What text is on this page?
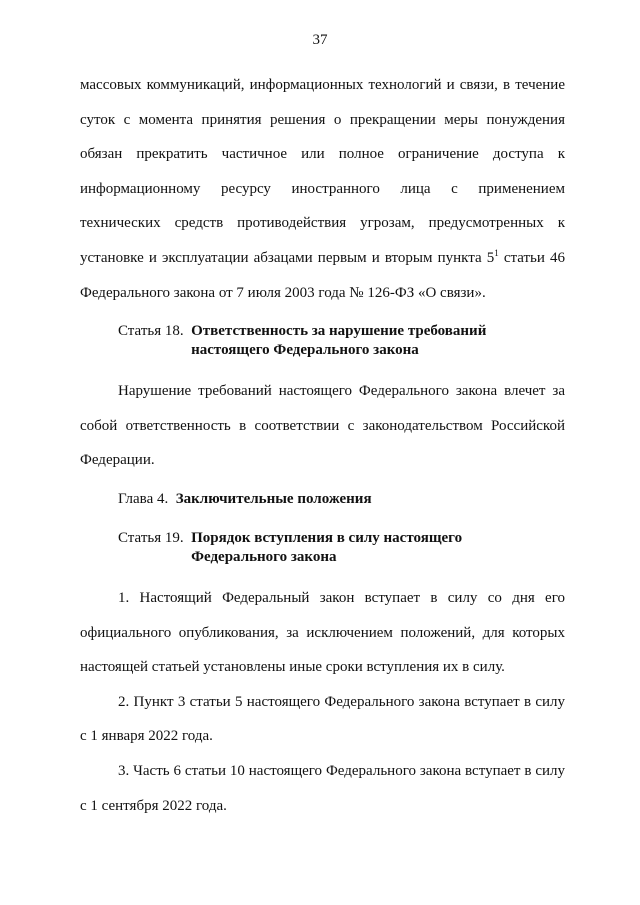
37

массовых коммуникаций, информационных технологий и связи, в течение суток с момента принятия решения о прекращении меры понуждения обязан прекратить частичное или полное ограничение доступа к информационному ресурсу иностранного лица с применением технических средств противодействия угрозам, предусмотренных к установке и эксплуатации абзацами первым и вторым пункта $5^1$ статьи 46 Федерального закона от 7 июля 2003 года № 126-ФЗ «О связи».

Статья 18. Ответственность за нарушение требований
настоящего Федерального закона

Нарушение требований настоящего Федерального закона влечет за собой ответственность в соответствии с законодательством Российской Федерации.

Глава 4. Заключительные положения
Статья 19. Порядок вступления в силу настоящего
Федерального закона

1. Настоящий Федеральный закон вступает в силу со дня его официального опубликования, за исключением положений, для которых настоящей статьей установлены иные сроки вступления их в силу.

2. Пункт 3 статьи 5 настоящего Федерального закона вступает в силу с 1 января 2022 года.

3. Часть 6 статьи 10 настоящего Федерального закона вступает в силу с 1 сентября 2022 года.
